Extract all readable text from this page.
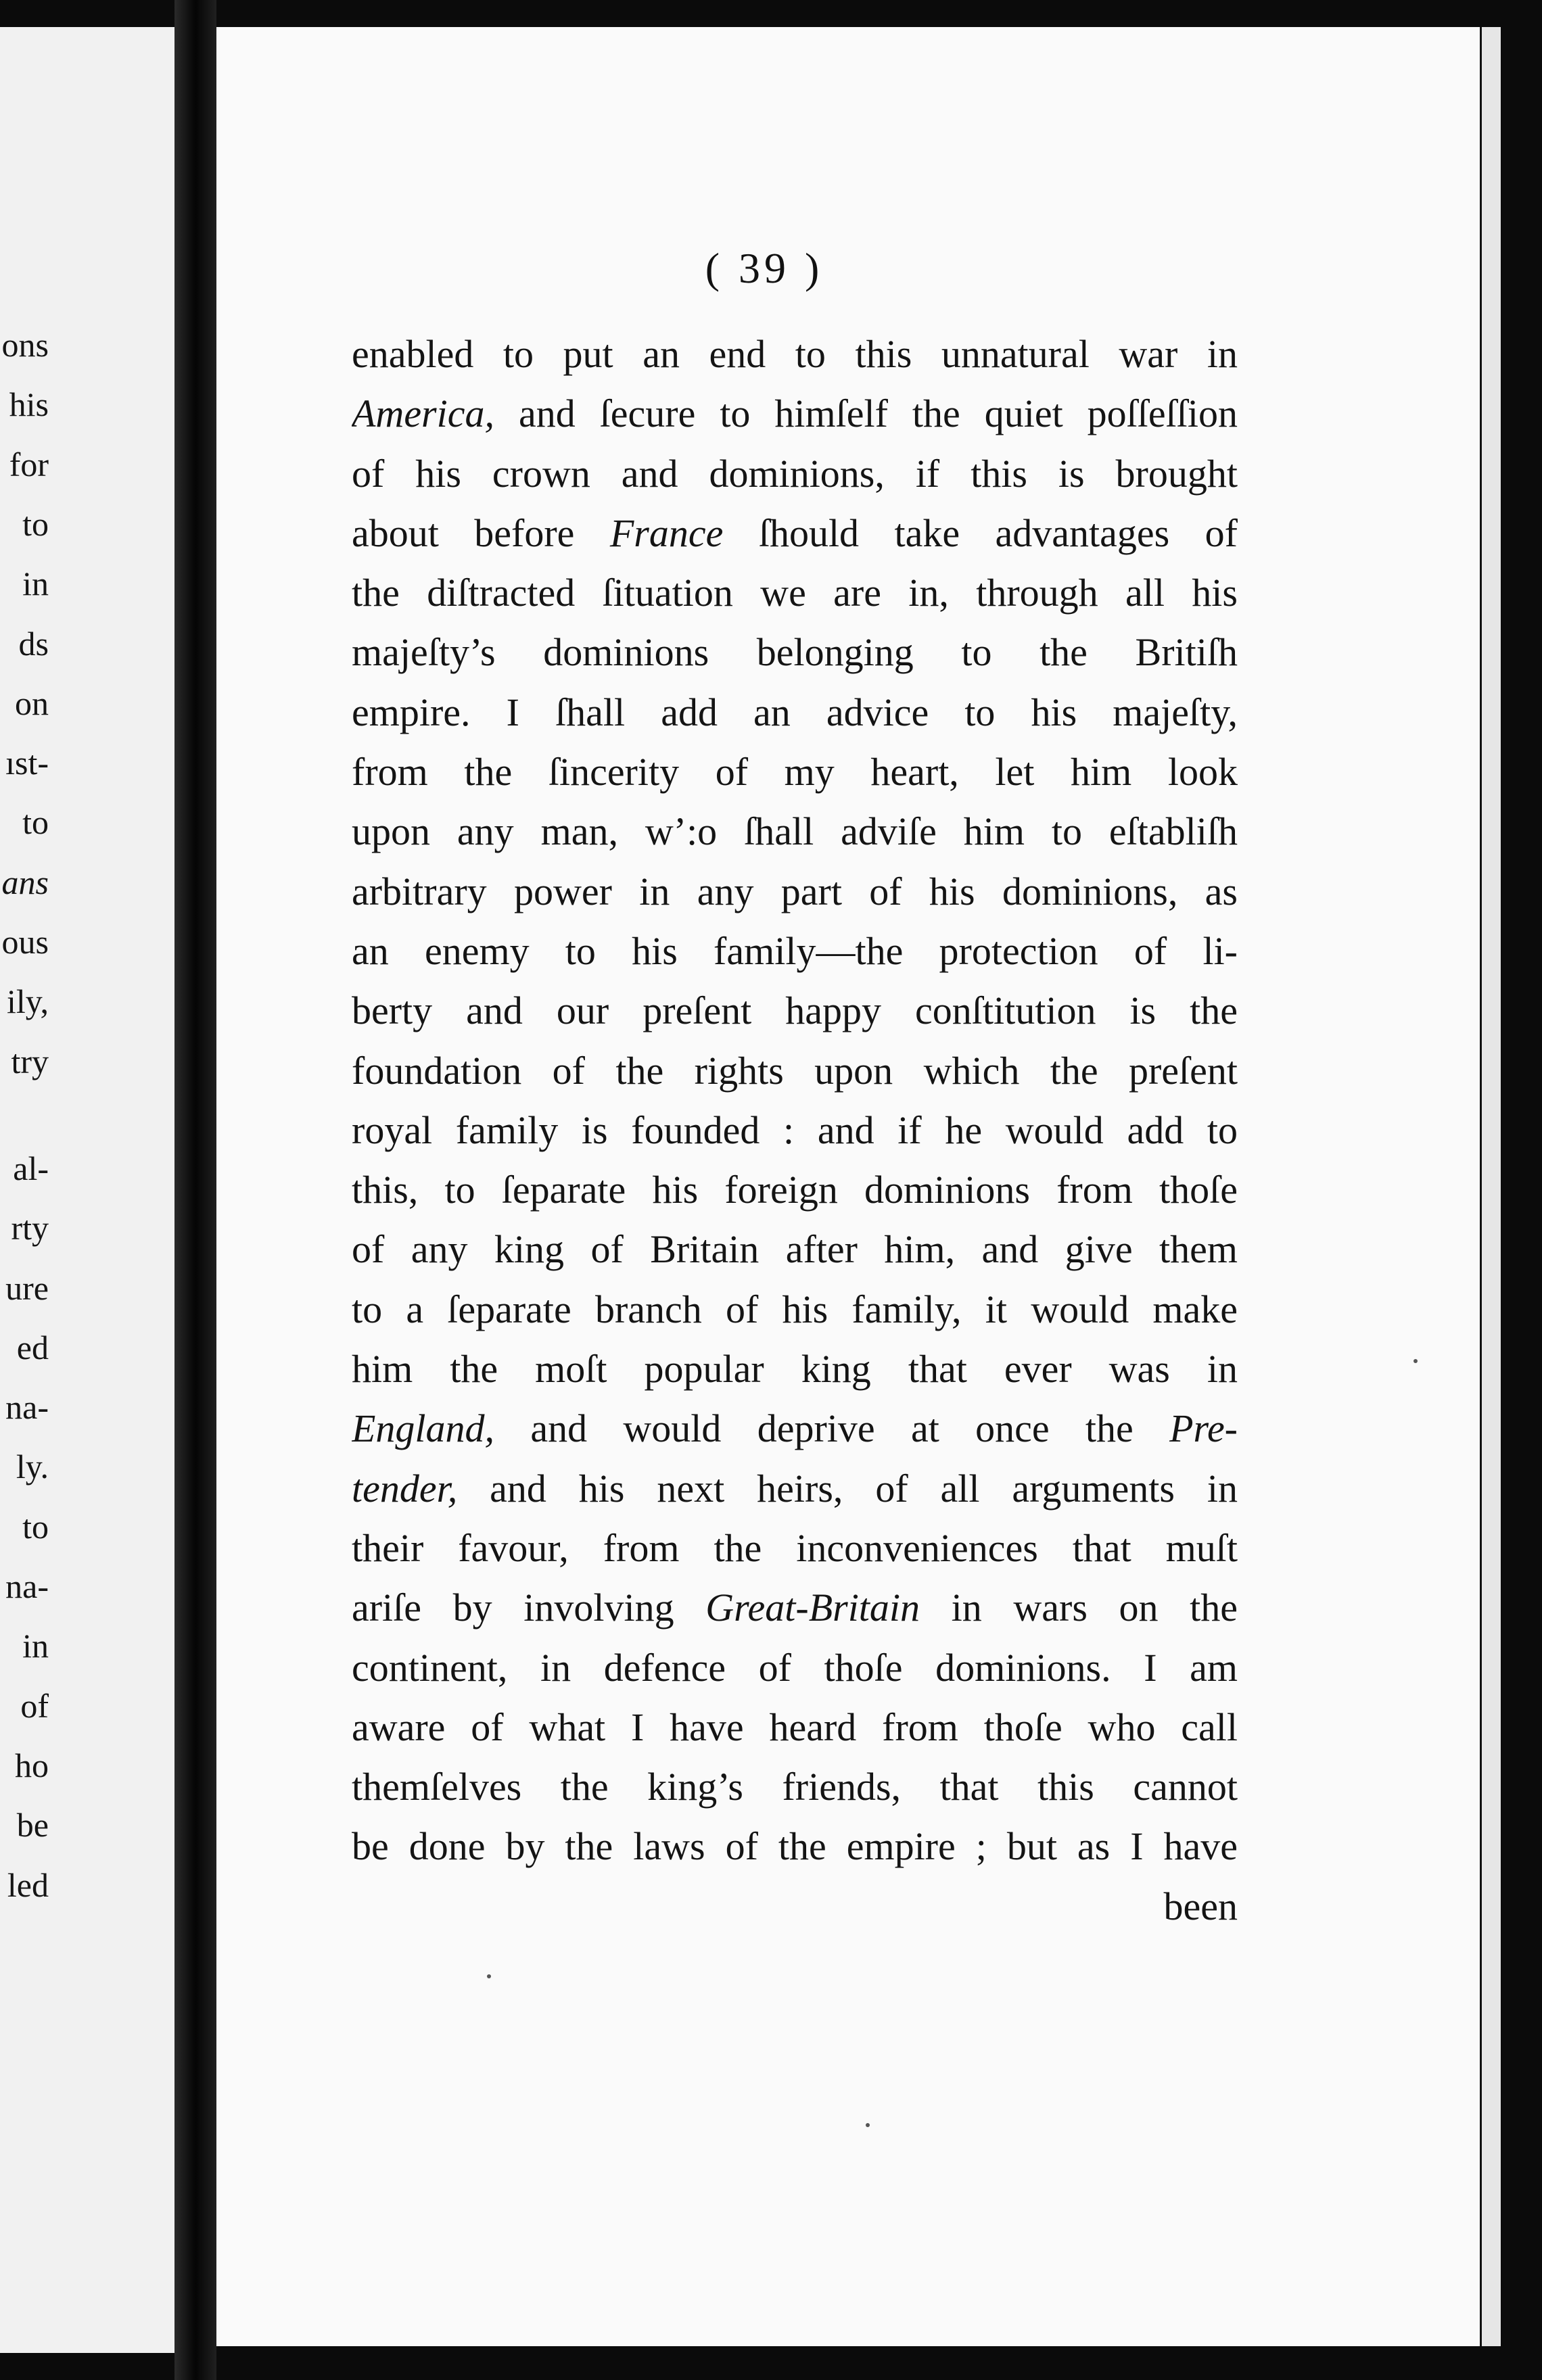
ons
his
for
to
in
ds
on
ıst-
to
ans
ous
ily,
try
al-
rty
ure
ed
na-
ly.
to
na-
in
of
ho
be
led
( 39 )
enabled to put an end to this unnatural war in
America, and ſecure to himſelf the quiet poſſeſſion
of his crown and dominions, if this is brought
about before France ſhould take advantages of
the diſtracted ſituation we are in, through all his
majeſty’s dominions belonging to the Britiſh
empire. I ſhall add an advice to his majeſty,
from the ſincerity of my heart, let him look
upon any man, w’:o ſhall adviſe him to eſtabliſh
arbitrary power in any part of his dominions, as
an enemy to his family—the protection of li-
berty and our preſent happy conſtitution is the
foundation of the rights upon which the preſent
royal family is founded : and if he would add to
this, to ſeparate his foreign dominions from thoſe
of any king of Britain after him, and give them
to a ſeparate branch of his family, it would make
him the moſt popular king that ever was in
England, and would deprive at once the Pre-
tender, and his next heirs, of all arguments in
their favour, from the inconveniences that muſt
ariſe by involving Great-Britain in wars on the
continent, in defence of thoſe dominions. I am
aware of what I have heard from thoſe who call
themſelves the king’s friends, that this cannot
be done by the laws of the empire ; but as I have
been
